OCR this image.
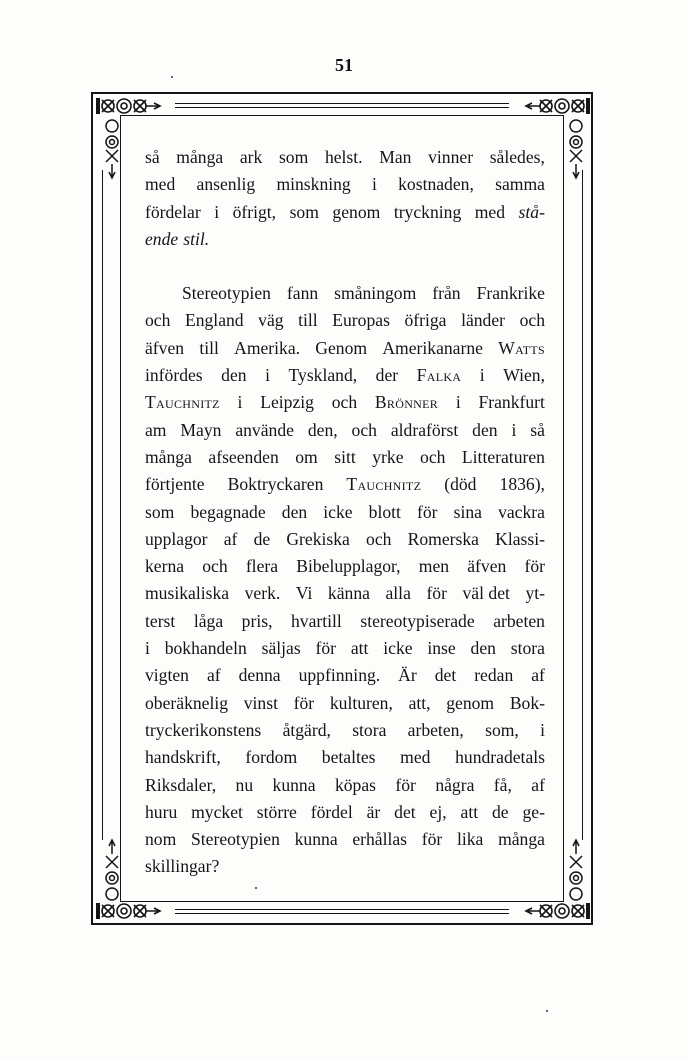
51
så många ark som helst. Man vinner således,
med ansenlig minskning i kostnaden, samma
fördelar i öfrigt, som genom tryckning med stå-
ende stil.
Stereotypien fann småningom från Frankrike
och England väg till Europas öfriga länder och
äfven till Amerika. Genom Amerikanarne Watts
infördes den i Tyskland, der Falka i Wien,
Tauchnitz i Leipzig och Brönner i Frankfurt
am Mayn använde den, och aldraförst den i så
många afseenden om sitt yrke och Litteraturen
förtjente Boktryckaren Tauchnitz (död 1836),
som begagnade den icke blott för sina vackra
upplagor af de Grekiska och Romerska Klassi-
kerna och flera Bibelupplagor, men äfven för
musikaliska verk. Vi känna alla för väl det yt-
terst låga pris, hvartill stereotypiserade arbeten
i bokhandeln säljas för att icke inse den stora
vigten af denna uppfinning. Är det redan af
oberäknelig vinst för kulturen, att, genom Bok-
tryckerikonstens åtgärd, stora arbeten, som, i
handskrift, fordom betaltes med hundradetals
Riksdaler, nu kunna köpas för några få, af
huru mycket större fördel är det ej, att de ge-
nom Stereotypien kunna erhållas för lika många
skillingar?
